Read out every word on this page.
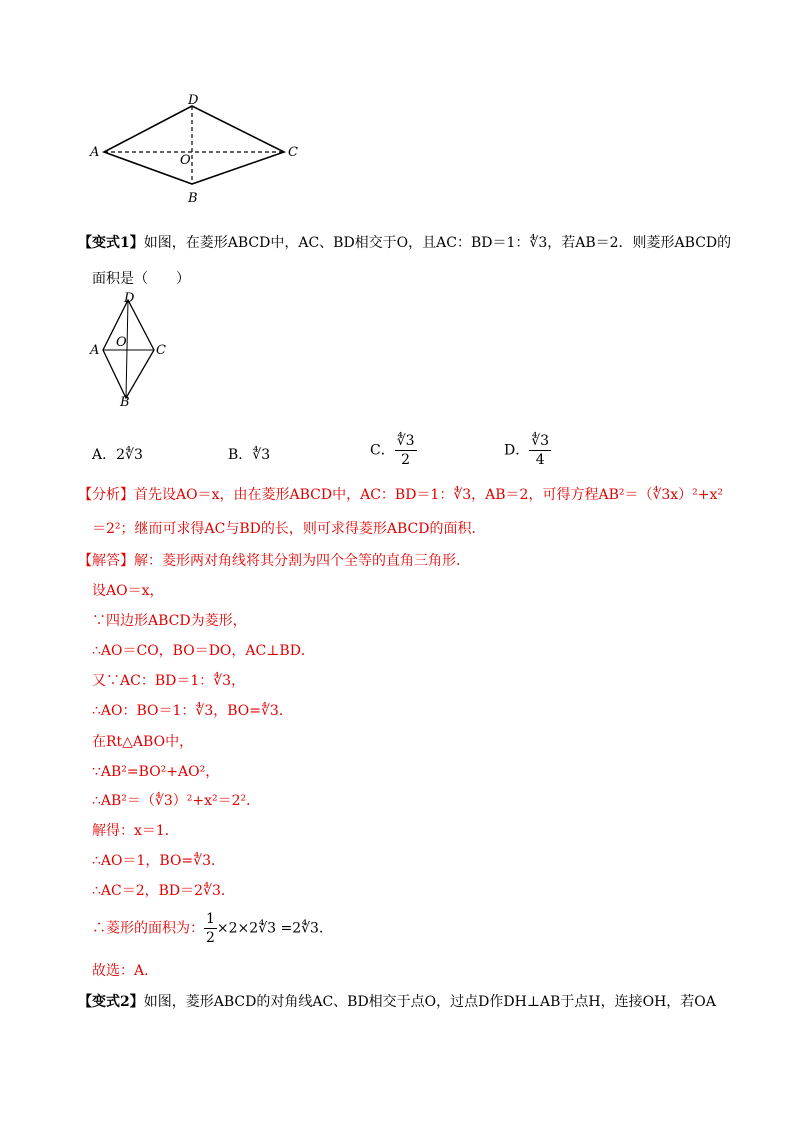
D
A
O
C
B
【变式1】如图，在菱形ABCD中，AC、BD相交于O，且AC：BD＝1：∜3，若AB＝2．则菱形ABCD的
面积是（　　）
D
A
O
C
B
A．2∜3	B．∜3	C． $\frac{∜3}{2}$	D． $\frac{∜3}{4}$
【分析】首先设AO＝x，由在菱形ABCD中，AC：BD＝1：∜3，AB＝2，可得方程AB²＝（∜3x）²+x²
＝2²；继而可求得AC与BD的长，则可求得菱形ABCD的面积．
【解答】解：菱形两对角线将其分割为四个全等的直角三角形．
设AO＝x，
∵四边形ABCD为菱形，
∴AO＝CO，BO＝DO，AC⊥BD．
又∵AC：BD＝1：∜3，
∴AO：BO＝1：∜3，BO=∜3．
在Rt△ABO中，
∵AB²=BO²+AO²，
∴AB²＝（∜3）²+x²＝2²．
解得：x＝1．
∴AO＝1，BO=∜3．
∴AC＝2，BD＝2∜3．
∴菱形的面积为： $\frac{1}{2}$ ×2×2∜3 =2∜3．
故选：A．
【变式2】如图，菱形ABCD的对角线AC、BD相交于点O，过点D作DH⊥AB于点H，连接OH，若OA
